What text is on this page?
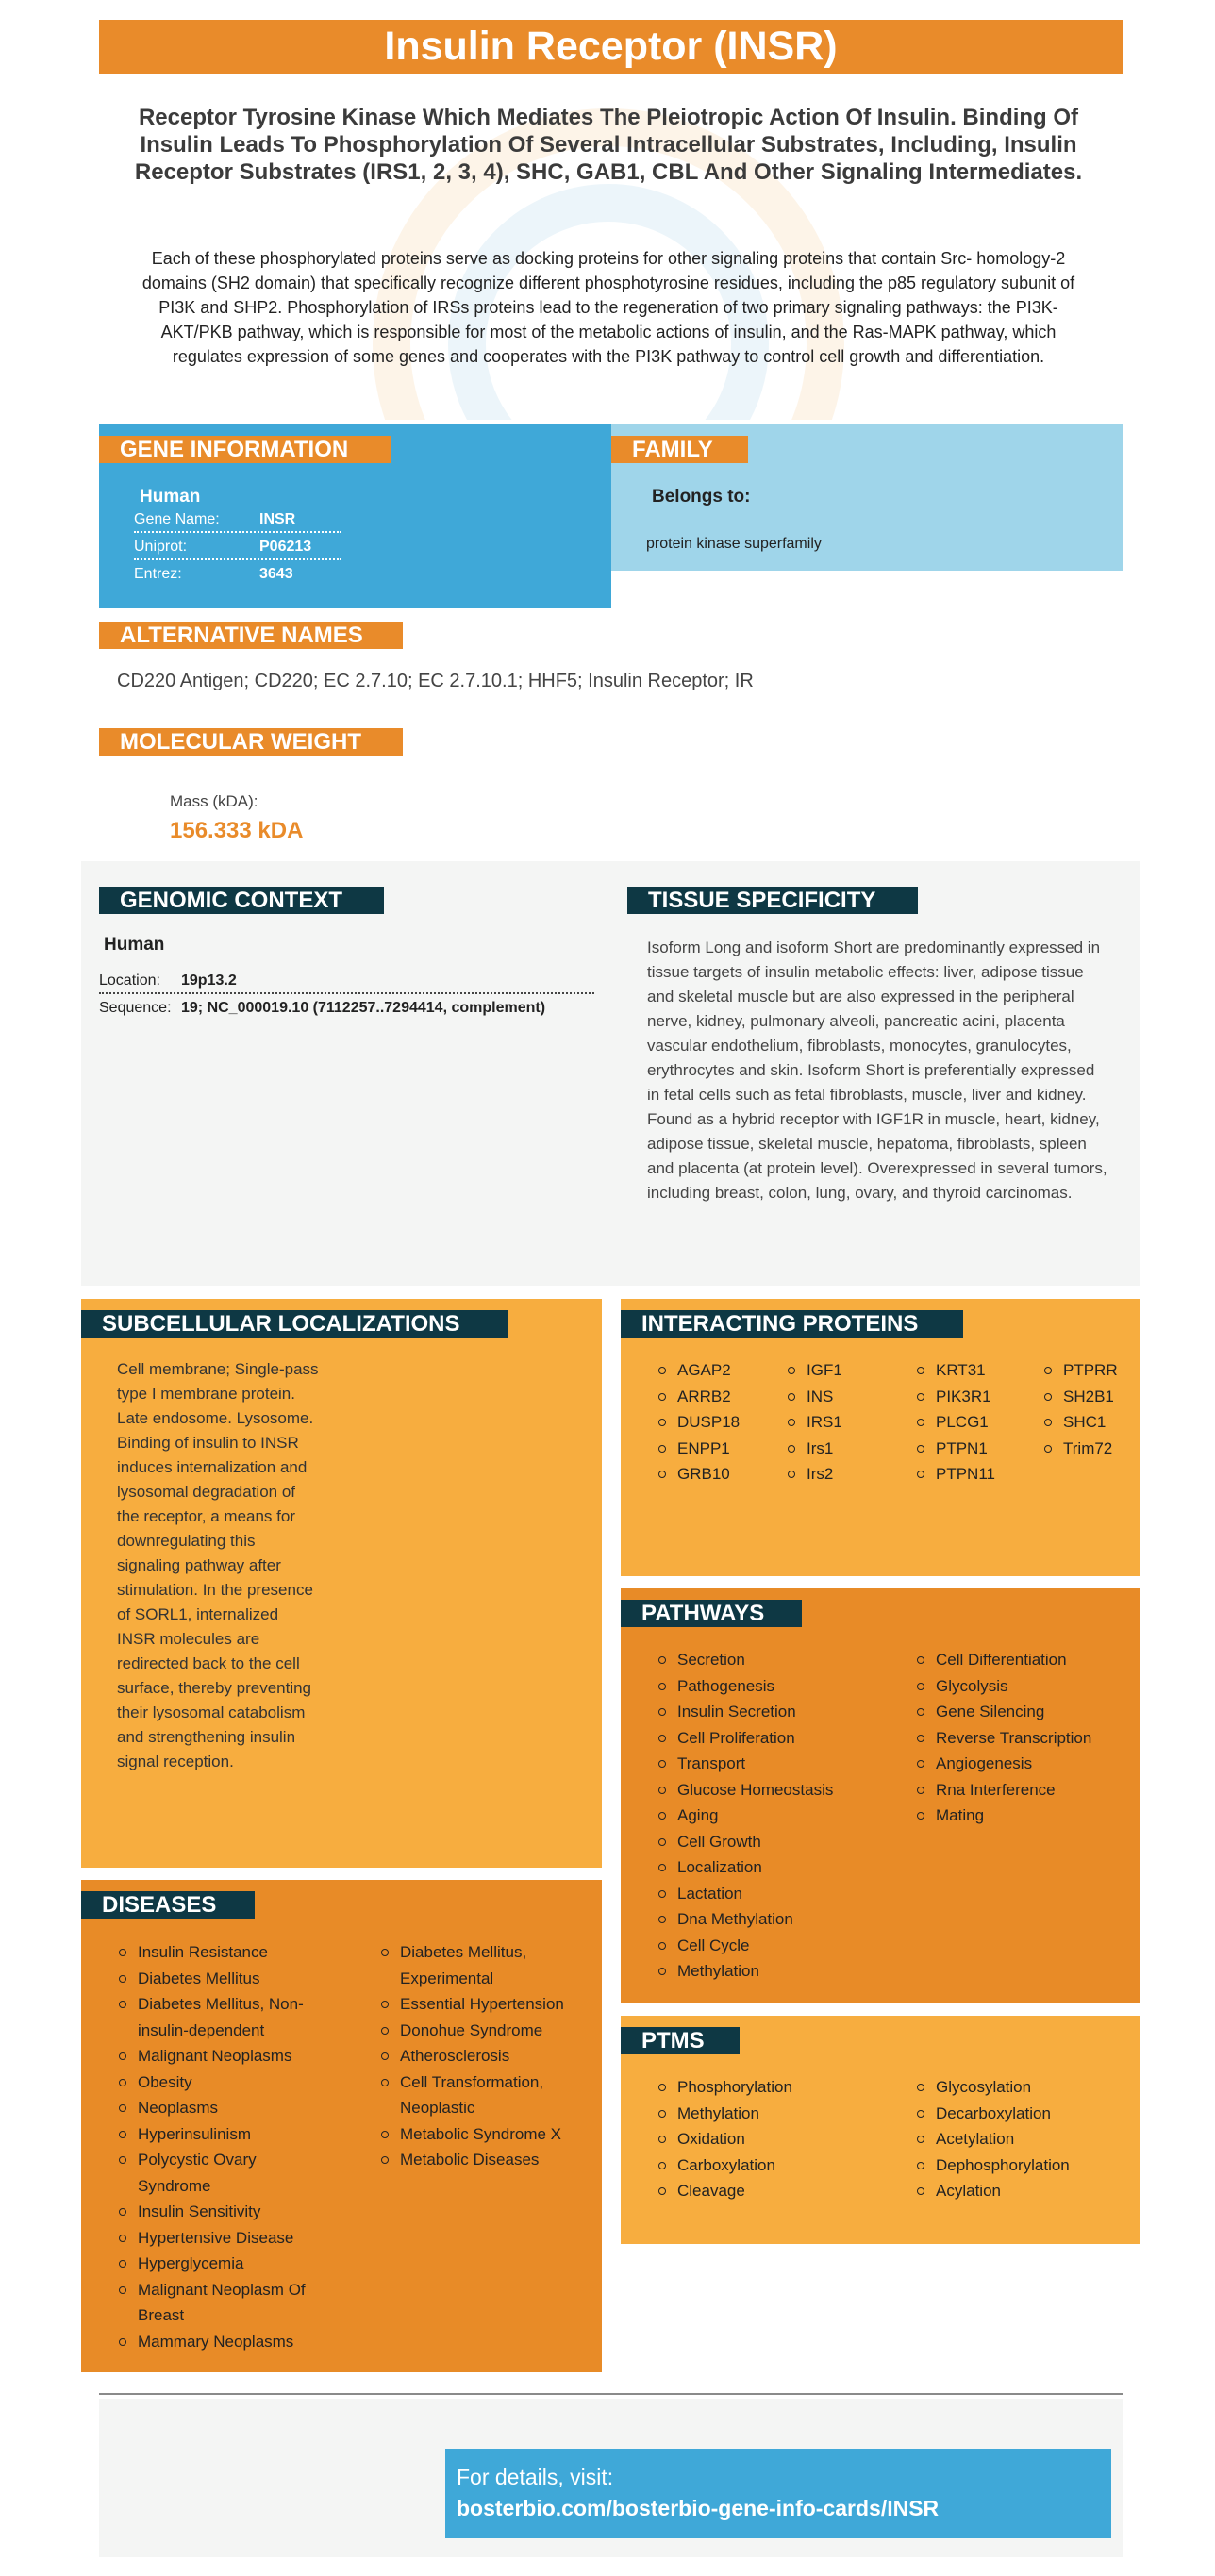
Insulin Receptor (INSR)
Receptor Tyrosine Kinase Which Mediates The Pleiotropic Action Of Insulin. Binding Of Insulin Leads To Phosphorylation Of Several Intracellular Substrates, Including, Insulin Receptor Substrates (IRS1, 2, 3, 4), SHC, GAB1, CBL And Other Signaling Intermediates.
Each of these phosphorylated proteins serve as docking proteins for other signaling proteins that contain Src- homology-2 domains (SH2 domain) that specifically recognize different phosphotyrosine residues, including the p85 regulatory subunit of PI3K and SHP2. Phosphorylation of IRSs proteins lead to the regeneration of two primary signaling pathways: the PI3K-AKT/PKB pathway, which is responsible for most of the metabolic actions of insulin, and the Ras-MAPK pathway, which regulates expression of some genes and cooperates with the PI3K pathway to control cell growth and differentiation.
GENE INFORMATION
Human
Gene Name:	INSR
Uniprot:	P06213
Entrez:	3643
FAMILY
Belongs to:
protein kinase superfamily
ALTERNATIVE NAMES
CD220 Antigen; CD220; EC 2.7.10; EC 2.7.10.1; HHF5; Insulin Receptor; IR
MOLECULAR WEIGHT
Mass (kDA):
156.333 kDA
GENOMIC CONTEXT
Human
Location: 19p13.2
Sequence: 19; NC_000019.10 (7112257..7294414, complement)
TISSUE SPECIFICITY
Isoform Long and isoform Short are predominantly expressed in tissue targets of insulin metabolic effects: liver, adipose tissue and skeletal muscle but are also expressed in the peripheral nerve, kidney, pulmonary alveoli, pancreatic acini, placenta vascular endothelium, fibroblasts, monocytes, granulocytes, erythrocytes and skin. Isoform Short is preferentially expressed in fetal cells such as fetal fibroblasts, muscle, liver and kidney. Found as a hybrid receptor with IGF1R in muscle, heart, kidney, adipose tissue, skeletal muscle, hepatoma, fibroblasts, spleen and placenta (at protein level). Overexpressed in several tumors, including breast, colon, lung, ovary, and thyroid carcinomas.
SUBCELLULAR LOCALIZATIONS
Cell membrane; Single-pass type I membrane protein. Late endosome. Lysosome. Binding of insulin to INSR induces internalization and lysosomal degradation of the receptor, a means for downregulating this signaling pathway after stimulation. In the presence of SORL1, internalized INSR molecules are redirected back to the cell surface, thereby preventing their lysosomal catabolism and strengthening insulin signal reception.
DISEASES
Insulin Resistance
Diabetes Mellitus
Diabetes Mellitus, Non-insulin-dependent
Malignant Neoplasms
Obesity
Neoplasms
Hyperinsulinism
Polycystic Ovary Syndrome
Insulin Sensitivity
Hypertensive Disease
Hyperglycemia
Malignant Neoplasm Of Breast
Mammary Neoplasms
Diabetes Mellitus, Experimental
Essential Hypertension
Donohue Syndrome
Atherosclerosis
Cell Transformation, Neoplastic
Metabolic Syndrome X
Metabolic Diseases
INTERACTING PROTEINS
AGAP2
ARRB2
DUSP18
ENPP1
GRB10
IGF1
INS
IRS1
Irs1
Irs2
KRT31
PIK3R1
PLCG1
PTPN1
PTPN11
PTPRR
SH2B1
SHC1
Trim72
PATHWAYS
Secretion
Pathogenesis
Insulin Secretion
Cell Proliferation
Transport
Glucose Homeostasis
Aging
Cell Growth
Localization
Lactation
Dna Methylation
Cell Cycle
Methylation
Cell Differentiation
Glycolysis
Gene Silencing
Reverse Transcription
Angiogenesis
Rna Interference
Mating
PTMS
Phosphorylation
Methylation
Oxidation
Carboxylation
Cleavage
Glycosylation
Decarboxylation
Acetylation
Dephosphorylation
Acylation
For details, visit:
bosterbio.com/bosterbio-gene-info-cards/INSR
